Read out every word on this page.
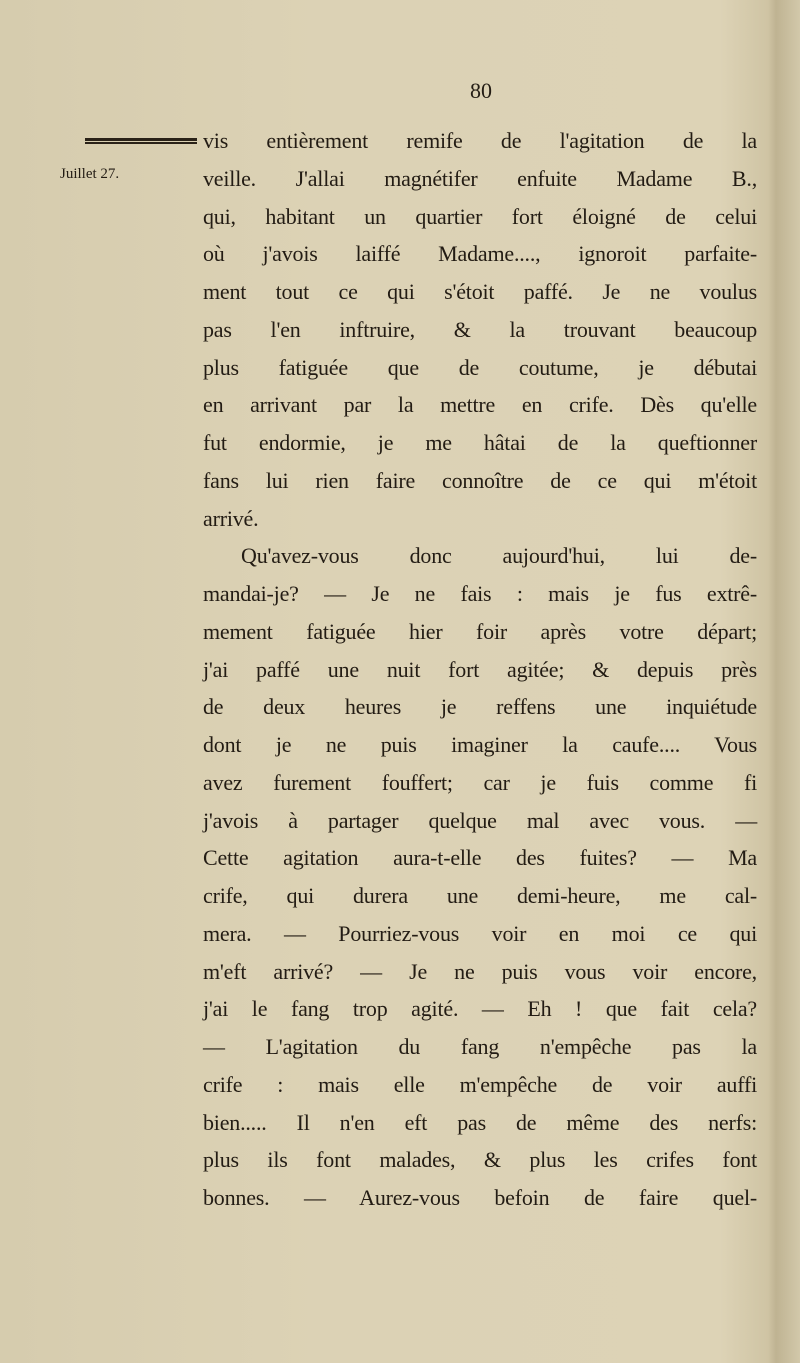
80
Juillet 27.
vis entièrement remife de l'agitation de la
veille. J'allai magnétifer enfuite Madame B.,
qui, habitant un quartier fort éloigné de celui
où j'avois laiffé Madame...., ignoroit parfaite-
ment tout ce qui s'étoit paffé. Je ne voulus
pas l'en inftruire, & la trouvant beaucoup
plus fatiguée que de coutume, je débutai
en arrivant par la mettre en crife. Dès qu'elle
fut endormie, je me hâtai de la queftionner
fans lui rien faire connoître de ce qui m'étoit
arrivé.
Qu'avez-vous donc aujourd'hui, lui de-
mandai-je? — Je ne fais : mais je fus extrê-
mement fatiguée hier foir après votre départ;
j'ai paffé une nuit fort agitée; & depuis près
de deux heures je reffens une inquiétude
dont je ne puis imaginer la caufe.... Vous
avez furement fouffert; car je fuis comme fi
j'avois à partager quelque mal avec vous. —
Cette agitation aura-t-elle des fuites? — Ma
crife, qui durera une demi-heure, me cal-
mera. — Pourriez-vous voir en moi ce qui
m'eft arrivé? — Je ne puis vous voir encore,
j'ai le fang trop agité. — Eh ! que fait cela?
— L'agitation du fang n'empêche pas la
crife : mais elle m'empêche de voir auffi
bien..... Il n'en eft pas de même des nerfs:
plus ils font malades, & plus les crifes font
bonnes. — Aurez-vous befoin de faire quel-
